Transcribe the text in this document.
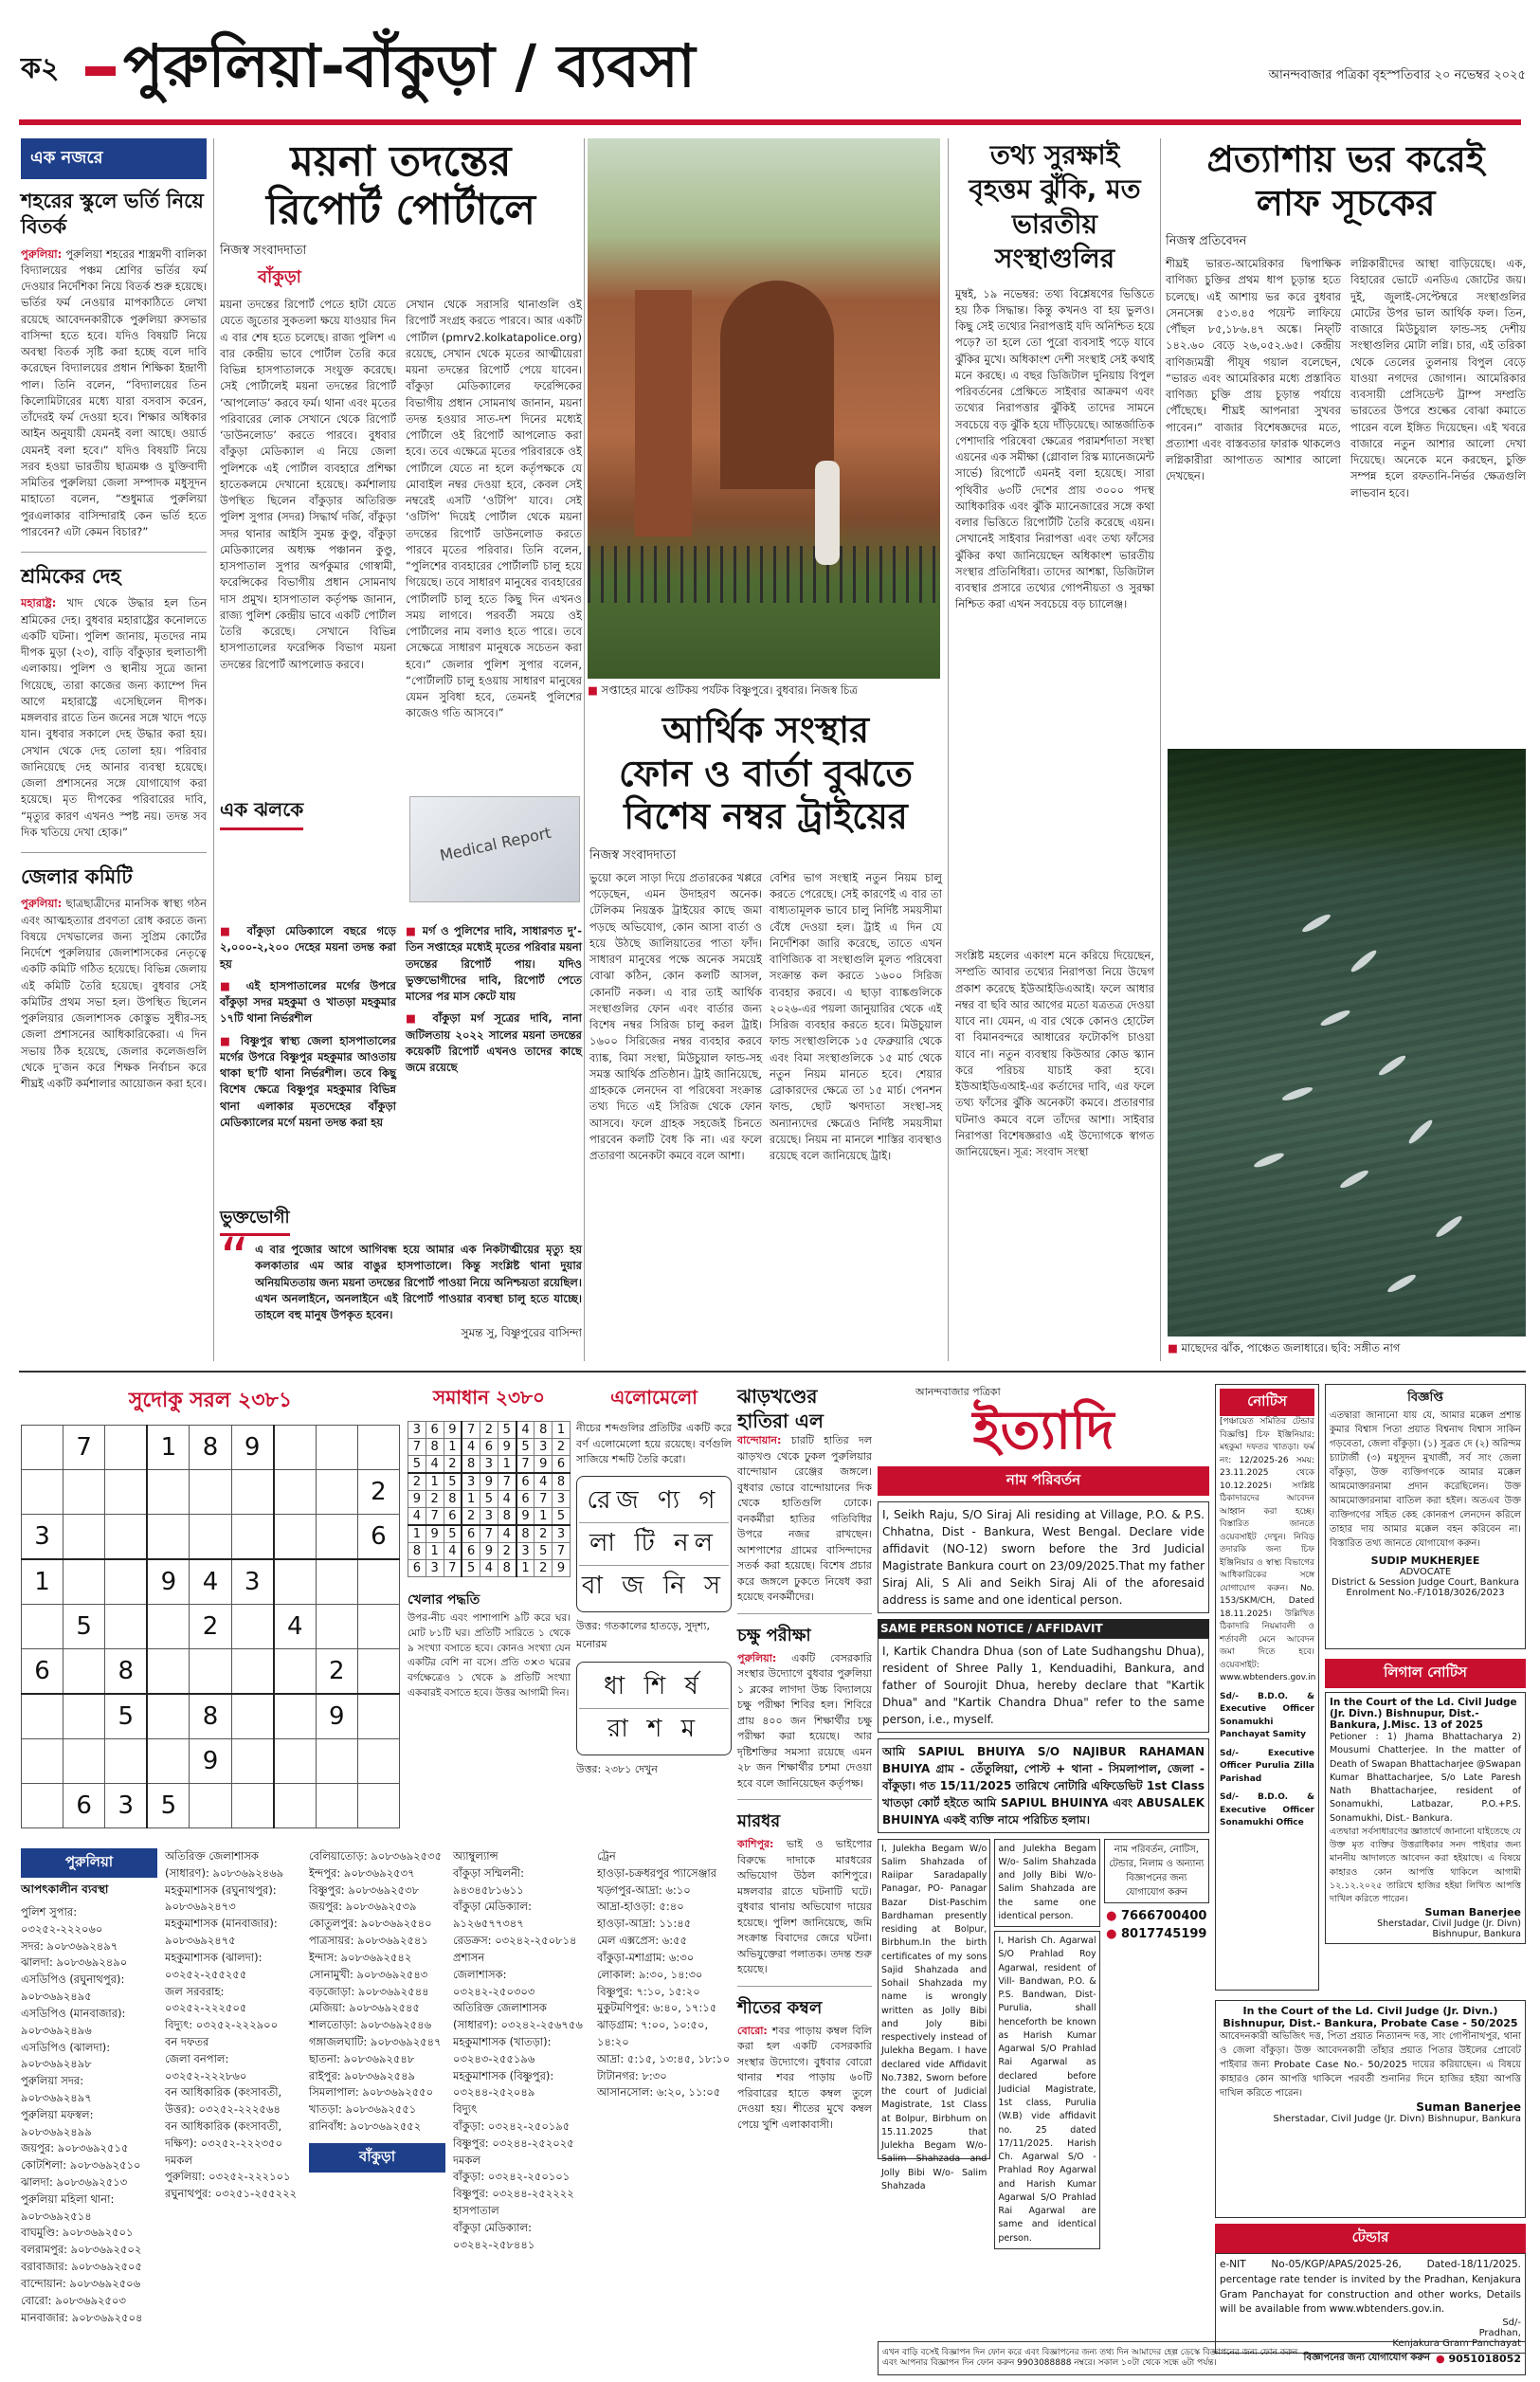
ক২ পুরুলিয়া-বাঁকুড়া / ব্যবসা	আনন্দবাজার পত্রিকা বৃহস্পতিবার ২০ নভেম্বর ২০২৫
এক নজরে
শহরের স্কুলে ভর্তি নিয়ে বিতর্ক
পুরুলিয়া: পুরুলিয়া শহরের শাস্ত্রমণী বালিকা বিদ্যালয়ের পঞ্চম শ্রেণির ভর্তির ফর্ম দেওয়ার নির্দেশিকা নিয়ে বিতর্ক শুরু হয়েছে। ভর্তির ফর্ম নেওয়ার মাপকাঠিতে লেখা রয়েছে আবেদনকারীকে পুরুলিয়া রুসভার বাসিন্দা হতে হবে। যদিও বিষয়টি নিয়ে অবস্থা বিতর্ক সৃষ্টি করা হচ্ছে বলে দাবি করেছেন বিদ্যালয়ের প্রধান শিক্ষিকা ইন্দ্রাণী পাল। তিনি বলেন, “বিদ্যালয়ের তিন কিলোমিটারের মধ্যে যারা বসবাস করেন, তাঁদেরই ফর্ম দেওয়া হবে। শিক্ষার অধিকার আইন অনুযায়ী যেমনই বলা আছে। ওয়ার্ড যেমনই বলা হবে।” যদিও বিষয়টি নিয়ে সরব হওয়া ভারতীয় ছাত্রমঞ্চ ও যুক্তিবাদী সমিতির পুরুলিয়া জেলা সম্পাদক মধুসূদন মাহাতো বলেন, “শুধুমাত্র পুরুলিয়া পুরএলাকার বাসিন্দারাই কেন ভর্তি হতে পারবেন? এটা কেমন বিচার?”
শ্রমিকের দেহ
মহারাষ্ট্র: খাদ থেকে উদ্ধার হল তিন শ্রমিকের দেহ। বুধবার মহারাষ্ট্রের কনোলতে একটি ঘটনা। পুলিশ জানায়, মৃতদের নাম দীপক মুড়া (২৩), বাড়ি বাঁকুড়ার হুলাতাপী এলাকায়। পুলিশ ও স্থানীয় সূত্রে জানা গিয়েছে, তারা কাজের জন্য ক্যাম্পে দিন আগে মহারাষ্ট্রে এসেছিলেন দীপক। মঙ্গলবার রাতে তিন জনের সঙ্গে খাদে পড়ে যান। বুধবার সকালে দেহ উদ্ধার করা হয়। সেখান থেকে দেহ তোলা হয়। পরিবার জানিয়েছে দেহ আনার ব্যবস্থা হয়েছে। জেলা প্রশাসনের সঙ্গে যোগাযোগ করা হয়েছে। মৃত দীপকের পরিবারের দাবি, “মৃত্যুর কারণ এখনও স্পষ্ট নয়। তদন্ত সব দিক খতিয়ে দেখা হোক।”
জেলার কমিটি
পুরুলিয়া: ছাত্রছাত্রীদের মানসিক স্বাস্থ্য গঠন এবং আত্মহত্যার প্রবণতা রোধ করতে জন্য বিষয়ে দেখভালের জন্য সুপ্রিম কোর্টের নির্দেশে পুরুলিয়ার জেলাশাসকের নেতৃত্বে একটি কমিটি গঠিত হয়েছে। বিভিন্ন জেলায় এই কমিটি তৈরি হয়েছে। বুধবার সেই কমিটির প্রথম সভা হল। উপস্থিত ছিলেন পুরুলিয়ার জেলাশাসক কোস্তুভ সুধীর-সহ জেলা প্রশাসনের আধিকারিকেরা। এ দিন সভায় ঠিক হয়েছে, জেলার কলেজগুলি থেকে দু’জন করে শিক্ষক নির্বাচন করে শীঘ্রই একটি কর্মশালার আয়োজন করা হবে।
ময়না তদন্তের
রিপোর্ট পোর্টালে
নিজস্ব সংবাদদাতা
বাঁকুড়া
ময়না তদন্তের রিপোর্ট পেতে হাটা যেতে যেতে জুতোর সুকতলা ক্ষয়ে যাওয়ার দিন এ বার শেষ হতে চলেছে। রাজ্য পুলিশ এ বার কেন্দ্রীয় ভাবে পোর্টাল তৈরি করে বিভিন্ন হাসপাতালকে সংযুক্ত করেছে। সেই পোর্টালেই ময়না তদন্তের রিপোর্ট ‘আপলোড’ করবে ফর্ম। থানা এবং মৃতের পরিবারের লোক সেখানে থেকে রিপোর্ট ‘ডাউনলোড’ করতে পারবে। বুধবার বাঁকুড়া মেডিক্যাল এ নিয়ে জেলা পুলিশকে এই পোর্টাল ব্যবহারে প্রশিক্ষা হাতেকলমে দেখানো হয়েছে। কর্মশালায় উপস্থিত ছিলেন বাঁকুড়ার অতিরিক্ত পুলিশ সুপার (সদর) সিদ্ধার্থ দর্জি, বাঁকুড়া সদর থানার আইসি সুমন্ত কুণ্ডু, বাঁকুড়া মেডিক্যালের অধ্যক্ষ পঞ্চানন কুণ্ডু, হাসপাতাল সুপার অর্পকুমার গোস্বামী, ফরেন্সিকের বিভাগীয় প্রধান সোমনাথ দাস প্রমুখ। হাসপাতাল কর্তৃপক্ষ জানান, রাজ্য পুলিশ কেন্দ্রীয় ভাবে একটি পোর্টাল তৈরি করেছে। সেখানে বিভিন্ন হাসপাতালের ফরেন্সিক বিভাগ ময়না তদন্তের রিপোর্ট আপলোড করবে।
সেখান থেকে সরাসরি থানাগুলি ওই রিপোর্ট সংগ্রহ করতে পারবে। আর একটি পোর্টাল (pmrv2.kolkatapolice.org) রয়েছে, সেখান থেকে মৃতের আত্মীয়েরা ময়না তদন্তের রিপোর্ট পেয়ে যাবেন। বাঁকুড়া মেডিক্যালের ফরেন্সিকের বিভাগীয় প্রধান সোমনাথ জানান, ময়না তদন্ত হওয়ার সাত-দশ দিনের মধ্যেই পোর্টালে ওই রিপোর্ট আপলোড করা হবে। তবে এক্ষেত্রে মৃতের পরিবারকে ওই পোর্টালে যেতে না হলে কর্তৃপক্ষকে যে মোবাইল নম্বর দেওয়া হবে, কেবল সেই নম্বরেই এসটি ‘ওটিপি’ যাবে। সেই ‘ওটিপি’ দিয়েই পোর্টাল থেকে ময়না তদন্তের রিপোর্ট ডাউনলোড করতে পারবে মৃতের পরিবার। তিনি বলেন, “পুলিশের ব্যবহারের পোর্টালটি চালু হয়ে গিয়েছে। তবে সাধারণ মানুষের ব্যবহারের পোর্টালটি চালু হতে কিছু দিন এখনও সময় লাগবে। পরবর্তী সময়ে ওই পোর্টালের নাম বলাও হতে পারে। তবে সেক্ষেত্রে সাধারণ মানুষকে সচেতন করা হবে।” জেলার পুলিশ সুপার বলেন, “পোর্টালটি চালু হওয়ায় সাধারণ মানুষের যেমন সুবিধা হবে, তেমনই পুলিশের কাজেও গতি আসবে।”
■ সপ্তাহের মাঝে গুটিকয় পর্যটক বিষ্ণুপুরে। বুধবার। নিজস্ব চিত্র
তথ্য সুরক্ষাই বৃহত্তম ঝুঁকি, মত ভারতীয় সংস্থাগুলির
মুম্বই, ১৯ নভেম্বর: তথ্য বিশ্লেষণের ভিত্তিতে হয় ঠিক সিদ্ধান্ত। কিন্তু কখনও বা হয় ভুলও। কিছু সেই তথ্যের নিরাপত্তাই যদি অনিশ্চিত হয়ে পড়ে? তা হলে তো পুরো ব্যবসাই পড়ে যাবে ঝুঁকির মুখে। অধিকাংশ দেশী সংস্থাই সেই কথাই মনে করছে। এ বছর ডিজিটাল দুনিয়ায় বিপুল পরিবর্তনের প্রেক্ষিতে সাইবার আক্রমণ এবং তথ্যের নিরাপত্তার ঝুঁকিই তাদের সামনে সবচেয়ে বড় ঝুঁকি হয়ে দাঁড়িয়েছে। আন্তর্জাতিক পেশাদারি পরিষেবা ক্ষেত্রের পরামর্শদাতা সংস্থা এয়নের এক সমীক্ষা (গ্লোবাল রিস্ক ম্যানেজমেন্ট সার্ভে) রিপোর্টে এমনই বলা হয়েছে। সারা পৃথিবীর ৬৩টি দেশের প্রায় ৩০০০ পদস্থ আধিকারিক এবং ঝুঁকি ম্যানেজারের সঙ্গে কথা বলার ভিত্তিতে রিপোর্টটি তৈরি করেছে এয়ন। সেখানেই সাইবার নিরাপত্তা এবং তথ্য ফাঁসের ঝুঁকির কথা জানিয়েছেন অধিকাংশ ভারতীয় সংস্থার প্রতিনিধিরা। তাদের আশঙ্কা, ডিজিটাল ব্যবস্থার প্রসারে তথ্যের গোপনীয়তা ও সুরক্ষা নিশ্চিত করা এখন সবচেয়ে বড় চ্যালেঞ্জ।
প্রত্যাশায় ভর করেই
লাফ সূচকের
নিজস্ব প্রতিবেদন
শীঘ্রই ভারত-আমেরিকার দ্বিপাক্ষিক বাণিজ্য চুক্তির প্রথম ধাপ চূড়ান্ত হতে চলেছে। এই আশায় ভর করে বুধবার সেনসেক্স ৫১৩.৪৫ পয়েন্ট লাফিয়ে পৌঁছল ৮৫,১৮৬.৪৭ অঙ্কে। নিফ্‌টি ১৪২.৬০ বেড়ে ২৬,০৫২.৬৫। কেন্দ্রীয় বাণিজ্যমন্ত্রী পীযূষ গয়াল বলেছেন, “ভারত এবং আমেরিকার মধ্যে প্রস্তাবিত বাণিজ্য চুক্তি প্রায় চূড়ান্ত পর্যায়ে পৌঁছেছে। শীঘ্রই আপনারা সুখবর পাবেন।” বাজার বিশেষজ্ঞদের মতে, প্রত্যাশা এবং বাস্তবতার ফারাক থাকলেও লগ্নিকারীরা আপাতত আশার আলো দেখছেন।
লগ্নিকারীদের আস্থা বাড়িয়েছে। এক, বিহারের ভোটে এনডিএ জোটের জয়। দুই, জুলাই-সেপ্টেম্বরে সংস্থাগুলির মোটের উপর ভাল আর্থিক ফল। তিন, বাজারে মিউচুয়াল ফান্ড-সহ দেশীয় সংস্থাগুলির মোটা লগ্নি। চার, এই তরিকা থেকে তেলের তুলনায় বিপুল বেড়ে যাওয়া নগদের জোগান। আমেরিকার ব্যবসায়ী প্রেসিডেন্ট ট্রাম্প সম্প্রতি ভারতের উপরে শুল্কের বোঝা কমাতে পারেন বলে ইঙ্গিত দিয়েছেন। এই খবরে বাজারে নতুন আশার আলো দেখা দিয়েছে। অনেকে মনে করছেন, চুক্তি সম্পন্ন হলে রফতানি-নির্ভর ক্ষেত্রগুলি লাভবান হবে।
■ মাছেদের ঝাঁক, পাঞ্চেত জলাধারে। ছবি: সঙ্গীত নাগ
এক ঝলকে
Medical Report
■ বাঁকুড়া মেডিক্যালে বছরে গড়ে ২,০০০-২,২০০ দেহের ময়না তদন্ত করা হয়
■ এই হাসপাতালের মর্গের উপরে বাঁকুড়া সদর মহকুমা ও খাতড়া মহকুমার ১৭টি থানা নির্ভরশীল
■ বিষ্ণুপুর স্বাস্থ্য জেলা হাসপাতালের মর্গের উপরে বিষ্ণুপুর মহকুমার আওতায় থাকা ছ’টি থানা নির্ভরশীল। তবে কিছু বিশেষ ক্ষেত্রে বিষ্ণুপুর মহকুমার বিভিন্ন থানা এলাকার মৃতদেহের বাঁকুড়া মেডিক্যালের মর্গে ময়না তদন্ত করা হয়
■ মর্গ ও পুলিশের দাবি, সাধারণত দু’-তিন সপ্তাহের মধ্যেই মৃতের পরিবার ময়না তদন্তের রিপোর্ট পায়। যদিও ভুক্তভোগীদের দাবি, রিপোর্ট পেতে মাসের পর মাস কেটে যায়
■ বাঁকুড়া মর্গ সূত্রের দাবি, নানা জটিলতায় ২০২২ সালের ময়না তদন্তের কয়েকটি রিপোর্ট এখনও তাদের কাছে জমে রয়েছে
ভুক্তভোগী
“ এ বার পুজোর আগে আগিবন্ধ হয়ে আমার এক নিকটাত্মীয়ের মৃত্যু হয় কলকাতার এম আর বাঙুর হাসপাতালে। কিন্তু সংশ্লিষ্ট থানা দুয়ার অনিয়মিততায় জন্য ময়না তদন্তের রিপোর্ট পাওয়া নিয়ে অনিশ্চয়তা রয়েছিল। এখন অনলাইনে, অনলাইনে এই রিপোর্ট পাওয়ার ব্যবস্থা চালু হতে যাচ্ছে। তাহলে বহু মানুষ উপকৃত হবেন।
সুমন্ত সু, বিষ্ণুপুরের বাসিন্দা
আর্থিক সংস্থার
ফোন ও বার্তা বুঝতে
বিশেষ নম্বর ট্রাইয়ের
নিজস্ব সংবাদদাতা
ভুয়ো কলে সাড়া দিয়ে প্রতারকের খপ্পরে পড়েছেন, এমন উদাহরণ অনেক। টেলিকম নিয়ন্ত্রক ট্রাইয়ের কাছে জমা পড়ছে অভিযোগ, কোন আসা বার্তা ও হয়ে উঠছে জালিয়াতের পাতা ফাঁদ। সাধারণ মানুষের পক্ষে অনেক সময়েই বোঝা কঠিন, কোন কলটি আসল, কোনটি নকল। এ বার তাই আর্থিক সংস্থাগুলির ফোন এবং বার্তার জন্য বিশেষ নম্বর সিরিজ চালু করল ট্রাই। ১৬০০ সিরিজের নম্বর ব্যবহার করবে ব্যাঙ্ক, বিমা সংস্থা, মিউচুয়াল ফান্ড-সহ সমস্ত আর্থিক প্রতিষ্ঠান। ট্রাই জানিয়েছে, গ্রাহককে লেনদেন বা পরিষেবা সংক্রান্ত তথ্য দিতে এই সিরিজ থেকে ফোন আসবে। ফলে গ্রাহক সহজেই চিনতে পারবেন কলটি বৈধ কি না। এর ফলে প্রতারণা অনেকটা কমবে বলে আশা।
বেশির ভাগ সংস্থাই নতুন নিয়ম চালু করতে পেরেছে। সেই কারণেই এ বার তা বাধ্যতামূলক ভাবে চালু নির্দিষ্ট সময়সীমা বেঁধে দেওয়া হল। ট্রাই এ দিন যে নির্দেশিকা জারি করেছে, তাতে এখন বাণিজ্যিক বা সংস্থাগুলি মূলত পরিষেবা সংক্রান্ত কল করতে ১৬০০ সিরিজ ব্যবহার করবে। এ ছাড়া ব্যাঙ্কগুলিকে ২০২৬-এর পয়লা জানুয়ারির থেকে এই সিরিজ ব্যবহার করতে হবে। মিউচুয়াল ফান্ড সংস্থাগুলিকে ১৫ ফেব্রুয়ারি থেকে এবং বিমা সংস্থাগুলিকে ১৫ মার্চ থেকে নতুন নিয়ম মানতে হবে। শেয়ার ব্রোকারদের ক্ষেত্রে তা ১৫ মার্চ। পেনশন ফান্ড, ছোট ঋণদাতা সংস্থা-সহ অন্যান্যদের ক্ষেত্রেও নির্দিষ্ট সময়সীমা রয়েছে। নিয়ম না মানলে শাস্তির ব্যবস্থাও রয়েছে বলে জানিয়েছে ট্রাই।
সংশ্লিষ্ট মহলের একাংশ মনে করিয়ে দিয়েছেন, সম্প্রতি আবার তথ্যের নিরাপত্তা নিয়ে উদ্বেগ প্রকাশ করেছে ইউআইডিএআই। ফলে আধার নম্বর বা ছবি আর আগের মতো যত্রতত্র দেওয়া যাবে না। যেমন, এ বার থেকে কোনও হোটেল বা বিমানবন্দরে আধারের ফটোকপি চাওয়া যাবে না। নতুন ব্যবস্থায় কিউআর কোড স্ক্যান করে পরিচয় যাচাই করা হবে। ইউআইডিএআই-এর কর্তাদের দাবি, এর ফলে তথ্য ফাঁসের ঝুঁকি অনেকটা কমবে। প্রতারণার ঘটনাও কমবে বলে তাঁদের আশা। সাইবার নিরাপত্তা বিশেষজ্ঞরাও এই উদ্যোগকে স্বাগত জানিয়েছেন। সূত্র: সংবাদ সংস্থা
সুদোকু সরল ২৩৮১
	7		1	8	9			
								2
3								6
1			9	4	3			
	5			2		4		
6		8					2	
		5		8			9	
				9				
	6	3	5					
সমাধান ২৩৮০
3	6	9	7	2	5	4	8	1
7	8	1	4	6	9	5	3	2
5	4	2	8	3	1	7	9	6
2	1	5	3	9	7	6	4	8
9	2	8	1	5	4	6	7	3
4	7	6	2	3	8	9	1	5
1	9	5	6	7	4	8	2	3
8	1	4	6	9	2	3	5	7
6	3	7	5	4	8	1	2	9
খেলার পদ্ধতি
উপর-নীচ এবং পাশাপাশি ৯টি করে ঘর। মোট ৮১টি ঘর। প্রতিটি সারিতে ১ থেকে ৯ সংখ্যা বসাতে হবে। কোনও সংখ্যা যেন একটির বেশি না বসে। প্রতি ৩×৩ ঘরের বর্গক্ষেত্রেও ১ থেকে ৯ প্রতিটি সংখ্যা একবারই বসাতে হবে। উত্তর আগামী দিন।
এলোমেলো
নীচের শব্দগুলির প্রতিটির একটি করে বর্ণ এলোমেলো হয়ে রয়েছে। বর্ণগুলি সাজিয়ে শব্দটি তৈরি করো।
রেজ ণ্য গ
লা টি নল
বা জ নি স
উত্তর: গতকালের হাতড়ে, সুদৃশ্য, মনোরম
ধা শি র্ষ
রা শ ম
উত্তর: ২৩৮১ দেখুন
ঝাড়খণ্ডের হাতিরা এল
বান্দোয়ান: চারটি হাতির দল ঝাড়খণ্ড থেকে ঢুকল পুরুলিয়ার বান্দোয়ান রেঞ্জের জঙ্গলে। বুধবার ভোরে বান্দোয়ানের দিক থেকে হাতিগুলি ঢোকে। বনকর্মীরা হাতির গতিবিধির উপরে নজর রাখছেন। আশপাশের গ্রামের বাসিন্দাদের সতর্ক করা হয়েছে। বিশেষ প্রচার করে জঙ্গলে ঢুকতে নিষেধ করা হয়েছে বনকর্মীদের।
চক্ষু পরীক্ষা
পুরুলিয়া: একটি বেসরকারি সংস্থার উদ্যোগে বুধবার পুরুলিয়া ১ ব্লকের লাগদা উচ্চ বিদ্যালয়ে চক্ষু পরীক্ষা শিবির হল। শিবিরে প্রায় ৪০০ জন শিক্ষার্থীর চক্ষু পরীক্ষা করা হয়েছে। আর দৃষ্টিশক্তির সমস্যা রয়েছে এমন ২৮ জন শিক্ষার্থীর চশমা দেওয়া হবে বলে জানিয়েছেন কর্তৃপক্ষ।
মারধর
কাশিপুর: ভাই ও ভাইপোর বিরুদ্ধে দাদাকে মারধরের অভিযোগ উঠল কাশিপুরে। মঙ্গলবার রাতে ঘটনাটি ঘটে। বুধবার থানায় অভিযোগ দায়ের হয়েছে। পুলিশ জানিয়েছে, জমি সংক্রান্ত বিবাদের জেরে ঘটনা। অভিযুক্তেরা পলাতক। তদন্ত শুরু হয়েছে।
শীতের কম্বল
বোরো: শবর পাড়ায় কম্বল বিলি করা হল একটি বেসরকারি সংস্থার উদ্যোগে। বুধবার বোরো থানার শবর পাড়ায় ৬০টি পরিবারের হাতে কম্বল তুলে দেওয়া হয়। শীতের মুখে কম্বল পেয়ে খুশি এলাকাবাসী।
পুরুলিয়া
আপৎকালীন ব্যবস্থা
পুলিশ সুপার: ০৩২৫২-২২২০৬০
সদর: ৯০৮৩৬৯২৪৯৭
ঝালদা: ৯০৮৩৬৯২৪৯০
এসডিপিও (রঘুনাথপুর): ৯০৮৩৬৯২৪৯৫
এসডিপিও (মানবাজার): ৯০৮৩৬৯২৪৯৬
এসডিপিও (ঝালদা): ৯০৮৩৬৯২৪৯৮
পুরুলিয়া সদর: ৯০৮৩৬৯২৪৯৭
পুরুলিয়া মফস্বল: ৯০৮৩৬৯২৪৯৯
জয়পুর: ৯০৮৩৬৯২৫১৫
কোটশিলা: ৯০৮৩৬৯২৫১০
ঝালদা: ৯০৮৩৬৯২৫১৩
পুরুলিয়া মহিলা থানা: ৯০৮৩৬৯২৫১৪
বাঘমুণ্ডি: ৯০৮৩৬৯২৫০১
বলরামপুর: ৯০৮৩৬৯২৫০২
বরাবাজার: ৯০৮৩৬৯২৫০৫
বান্দোয়ান: ৯০৮৩৬৯২৫০৬
বোরো: ৯০৮৩৬৯২৫০৩
মানবাজার: ৯০৮৩৬৯২৫০৪
অতিরিক্ত জেলাশাসক (সাধারণ): ৯০৮৩৬৯২৪৬৯
মহকুমাশাসক (রঘুনাথপুর): ৯০৮৩৬৯২৪৭৩
মহকুমাশাসক (মানবাজার): ৯০৮৩৬৯২৪৭৫
মহকুমাশাসক (ঝালদা): ০৩২৫২-২৫৫২৫৫
জল সরবরাহ: ০৩২৫২-২২২৫০৫
বিদ্যুৎ: ০৩২৫২-২২২৯০০
বন দফতর
জেলা বনপাল: ০৩২৫২-২২২৮৬০
বন আধিকারিক (কংসাবতী, উত্তর): ০৩২৫২-২২২৫৬৪
বন আধিকারিক (কংসাবতী, দক্ষিণ): ০৩২৫২-২২২৩৫০
দমকল
পুরুলিয়া: ০৩২৫২-২২২১০১
রঘুনাথপুর: ০৩২৫১-২৫৫২২২
বেলিয়াতোড়: ৯০৮৩৬৯২৫৩৫
ইন্দপুর: ৯০৮৩৬৯২৫৩৭
বিষ্ণুপুর: ৯০৮৩৬৯২৫৩৮
জয়পুর: ৯০৮৩৬৯২৫৩৯
কোতুলপুর: ৯০৮৩৬৯২৫৪০
পাত্রসায়র: ৯০৮৩৬৯২৫৪১
ইন্দাস: ৯০৮৩৬৯২৫৪২
সোনামুখী: ৯০৮৩৬৯২৫৪৩
বড়জোড়া: ৯০৮৩৬৯২৫৪৪
মেজিয়া: ৯০৮৩৬৯২৫৪৫
শালতোড়া: ৯০৮৩৬৯২৫৪৬
গঙ্গাজলঘাটি: ৯০৮৩৬৯২৫৪৭
ছাতনা: ৯০৮৩৬৯২৫৪৮
রাইপুর: ৯০৮৩৬৯২৫৪৯
সিমলাপাল: ৯০৮৩৬৯২৫৫০
খাতড়া: ৯০৮৩৬৯২৫৫১
রানিবাঁধ: ৯০৮৩৬৯২৫৫২
বাঁকুড়া
অ্যাম্বুল্যান্স
বাঁকুড়া সম্মিলনী: ৯৪৩৪৫৮১৬১১
বাঁকুড়া মেডিক্যাল: ৯১২৬৫৭৭৩৪৭
রেডক্রস: ০৩২৪২-২৫০৮১৪
প্রশাসন
জেলাশাসক: ০৩২৪২-২৫০৩০৩
অতিরিক্ত জেলাশাসক (সাধারণ): ০৩২৪২-২৫৬৭৫৬
মহকুমাশাসক (খাতড়া): ০৩২৪৩-২৫৫১৯৬
মহকুমাশাসক (বিষ্ণুপুর): ০৩২৪৪-২৫২০৪৯
বিদ্যুৎ
বাঁকুড়া: ০৩২৪২-২৫০১৯৫
বিষ্ণুপুর: ০৩২৪৪-২৫২০২৫
দমকল
বাঁকুড়া: ০৩২৪২-২৫০১০১
বিষ্ণুপুর: ০৩২৪৪-২৫২২২২
হাসপাতাল
বাঁকুড়া মেডিক্যাল: ০৩২৪২-২৫৮৪৪১
ট্রেন
হাওড়া-চক্রধরপুর প্যাসেঞ্জার
খড়্গপুর-আদ্রা: ৬:১০
আদ্রা-হাওড়া: ৫:৪০
হাওড়া-আদ্রা: ১১:৪৫
মেল এক্সপ্রেস: ৬:৫৫
বাঁকুড়া-মশাগ্রাম: ৬:৩০
লোকাল: ৯:৩০, ১৪:৩০
বিষ্ণুপুর: ৭:১০, ১৫:২০
মুকুটমণিপুর: ৬:৪০, ১৭:১৫
ঝাড়গ্রাম: ৭:০০, ১০:৫০, ১৪:২০
আদ্রা: ৫:১৫, ১৩:৪৫, ১৮:১০
টাটানগর: ৮:৩০
আসানসোল: ৬:২০, ১১:০৫
আনন্দবাজার পত্রিকা
ইত্যাদি
নাম পরিবর্তন
I, Seikh Raju, S/O Siraj Ali residing at Village, P.O. & P.S. Chhatna, Dist - Bankura, West Bengal. Declare vide affidavit (NO-12) sworn before the 3rd Judicial Magistrate Bankura court on 23/09/2025.That my father Siraj Ali, S Ali and Seikh Siraj Ali of the aforesaid address is same and one identical person.
SAME PERSON NOTICE / AFFIDAVIT
I, Kartik Chandra Dhua (son of Late Sudhangshu Dhua), resident of Shree Pally 1, Kenduadihi, Bankura, and father of Sourojit Dhua, hereby declare that "Kartik Dhua" and "Kartik Chandra Dhua" refer to the same person, i.e., myself.
আমি SAPIUL BHUIYA S/O NAJIBUR RAHAMAN BHUIYA গ্রাম - তেঁতুলিয়া, পোস্ট + থানা - সিমলাপাল, জেলা - বাঁকুড়া। গত 15/11/2025 তারিখে নোটারি এফিডেভিট 1st Class খাতড়া কোর্ট হইতে আমি SAPIUL BHUINYA এবং ABUSALEK BHUINYA একই ব্যক্তি নামে পরিচিত হলাম।
I, Julekha Begam W/o Salim Shahzada of Raiipar Saradapally Panagar, PO- Panagar Bazar Dist-Paschim Bardhaman presently residing at Bolpur, Birbhum.In the birth certificates of my sons Sajid Shahzada and Sohail Shahzada my name is wrongly written as Jolly Bibi and Joly Bibi respectively instead of Julekha Begam. I have declared vide Affidavit No.7382, Sworn before the court of Judicial Magistrate, 1st Class at Bolpur, Birbhum on 15.11.2025 that Julekha Begam W/o- Salim Shahzada and Jolly Bibi W/o- Salim Shahzada
and Julekha Begam W/o- Salim Shahzada and Jolly Bibi W/o- Salim Shahzada are the same one identical person.
I, Harish Ch. Agarwal S/O Prahlad Roy Agarwal, resident of Vill- Bandwan, P.O. & P.S. Bandwan, Dist- Purulia, shall henceforth be known as Harish Kumar Agarwal S/O Prahlad Rai Agarwal as declared before Judicial Magistrate, 1st class, Purulia (W.B) vide affidavit no. 25 dated 17/11/2025. Harish Ch. Agarwal S/O - Prahlad Roy Agarwal and Harish Kumar Agarwal S/O Prahlad Rai Agarwal are same and identical person.
নাম পরিবর্তন, নোটিস, টেন্ডার, নিলাম ও অন্যান্য বিজ্ঞাপনের জন্য যোগাযোগ করুন
● 7666700400
● 8017745199
নোটিস
[পঞ্চায়েত সমিতির টেন্ডার বিজ্ঞপ্তি] চিফ ইঞ্জিনিয়ার: মহকুমা দফতর খাতড়া। ফর্ম নং: 12/2025-26 সময়: 23.11.2025 থেকে 10.12.2025। সংশ্লিষ্ট ঠিকাদারদের আবেদন আহ্বান করা হচ্ছে। বিস্তারিত জানতে ওয়েবসাইট দেখুন। নিবিড় তদারকি জন্য চিফ ইঞ্জিনিয়ার ও স্বাস্থ্য বিভাগের আধিকারিকের সঙ্গে যোগাযোগ করুন। No. 153/SKM/CH, Dated 18.11.2025। উল্লিখিত ঠিকাদারি নিয়মাবলী ও শর্তাবলী মেনে আবেদন জমা দিতে হবে। ওয়েবসাইট: www.wbtenders.gov.in
Sd/- B.D.O. & Executive Officer Sonamukhi Panchayat Samity
Sd/- Executive Officer Purulia Zilla Parishad
Sd/- B.D.O. & Executive Officer Sonamukhi Office
বিজ্ঞপ্তি
এতদ্বারা জানানো যায় যে, আমার মক্কেল প্রশান্ত কুমার বিশ্বাস পিতা প্রয়াত বিশ্বনাথ বিশ্বাস সাকিন গড়বেতা, জেলা বাঁকুড়া। (১) সুব্রত দে (২) অরিন্দম চ্যাটার্জী (৩) মধুসূদন মুখার্জী, সর্ব সাং জেলা বাঁকুড়া, উক্ত ব্যক্তিগণকে আমার মক্কেল আমমোক্তারনামা প্রদান করেছিলেন। উক্ত আমমোক্তারনামা বাতিল করা হইল। অতএব উক্ত ব্যক্তিগণের সহিত কেহ কোনরূপ লেনদেন করিলে তাহার দায় আমার মক্কেল বহন করিবেন না। বিস্তারিত তথ্য জানতে যোগাযোগ করুন।
SUDIP MUKHERJEE
ADVOCATE
District & Session Judge Court, Bankura
Enrolment No.-F/1018/3026/2023
লিগাল নোটিস
In the Court of the Ld. Civil Judge (Jr. Divn.) Bishnupur, Dist.- Bankura, J.Misc. 13 of 2025
Petioner : 1) Jhama Bhattacharya 2) Mousumi Chatterjee. In the matter of Death of Swapan Bhattacharjee @Swapan Kumar Bhattacharjee, S/o Late Paresh Nath Bhattacharjee, resident of Sonamukhi, Latbazar, P.O.+P.S. Sonamukhi, Dist.- Bankura.
এতদ্বারা সর্বসাধারণের জ্ঞাতার্থে জানানো যাইতেছে যে উক্ত মৃত ব্যক্তির উত্তরাধিকার সনদ পাইবার জন্য মাননীয় আদালতে আবেদন করা হইয়াছে। এ বিষয়ে কাহারও কোন আপত্তি থাকিলে আগামী ১২.১২.২০২৫ তারিখে হাজির হইয়া লিখিত আপত্তি দাখিল করিতে পারেন।
Suman Banerjee
Sherstadar, Civil Judge (Jr. Divn) Bishnupur, Bankura
In the Court of the Ld. Civil Judge (Jr. Divn.) Bishnupur, Dist.- Bankura, Probate Case - 50/2025
আবেদনকারী অভিজিৎ দত্ত, পিতা প্রয়াত নিত্যানন্দ দত্ত, সাং গোপীনাথপুর, থানা ও জেলা বাঁকুড়া। উক্ত আবেদনকারী তাঁহার প্রয়াত পিতার উইলের প্রোবেট পাইবার জন্য Probate Case No.- 50/2025 দায়ের করিয়াছেন। এ বিষয়ে কাহারও কোন আপত্তি থাকিলে পরবর্তী শুনানির দিনে হাজির হইয়া আপত্তি দাখিল করিতে পারেন।
Suman Banerjee
Sherstadar, Civil Judge (Jr. Divn) Bishnupur, Bankura
টেন্ডার
e-NIT No-05/KGP/APAS/2025-26, Dated-18/11/2025. percentage rate tender is invited by the Pradhan, Kenjakura Gram Panchayat for construction and other works, Details will be available from www.wbtenders.gov.in.
Sd/-
Pradhan,
Kenjakura Gram Panchayat
এখন বাড়ি বসেই বিজ্ঞাপন দিন ফোন করে এবং বিজ্ঞাপনের জন্য তথ্য দিন আমাদের হেল্প ডেস্কে বিজ্ঞাপনের জন্য ফোন করুন এবং আপনার বিজ্ঞাপন দিন ফোন করুন 9903088888 নম্বরে। সকাল ১০টা থেকে সন্ধে ৬টা পর্যন্ত।
বিজ্ঞাপনের জন্য যোগাযোগ করুন ● 9051018052
